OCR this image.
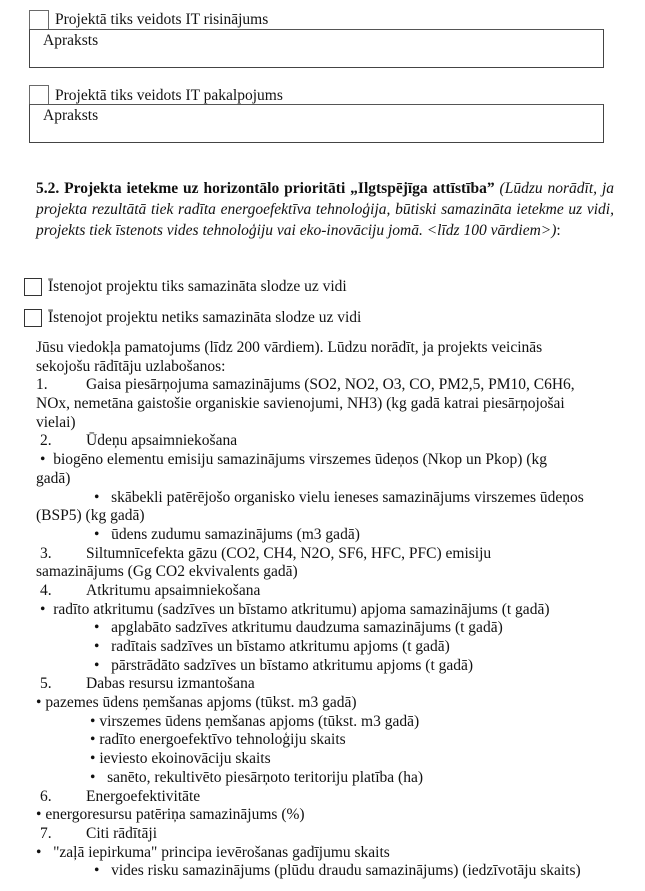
Projektā tiks veidots IT risinājums
Apraksts
Projektā tiks veidots IT pakalpojums
Apraksts
5.2. Projekta ietekme uz horizontālo prioritāti „Ilgtspējīga attīstība” (Lūdzu norādīt, ja projekta rezultātā tiek radīta energoefektīva tehnoloģija, būtiski samazināta ietekme uz vidi, projekts tiek īstenots vides tehnoloģiju vai eko-inovāciju jomā. <līdz 100 vārdiem>):
Īstenojot projektu tiks samazināta slodze uz vidi
Īstenojot projektu netiks samazināta slodze uz vidi
Jūsu viedokļa pamatojums (līdz 200 vārdiem). Lūdzu norādīt, ja projekts veicinās
sekojošu rādītāju uzlabošanos:
1. Gaisa piesārņojuma samazinājums (SO2, NO2, O3, CO, PM2,5, PM10, C6H6,
NOx, nemetāna gaistošie organiskie savienojumi, NH3) (kg gadā katrai piesārņojošai
vielai)
2. Ūdeņu apsaimniekošana
• biogēno elementu emisiju samazinājums virszemes ūdeņos (Nkop un Pkop) (kg
gadā)
• skābekli patērējošo organisko vielu ieneses samazinājums virszemes ūdeņos
(BSP5) (kg gadā)
• ūdens zudumu samazinājums (m3 gadā)
3. Siltumnīcefekta gāzu (CO2, CH4, N2O, SF6, HFC, PFC) emisiju
samazinājums (Gg CO2 ekvivalents gadā)
4. Atkritumu apsaimniekošana
• radīto atkritumu (sadzīves un bīstamo atkritumu) apjoma samazinājums (t gadā)
• apglabāto sadzīves atkritumu daudzuma samazinājums (t gadā)
• radītais sadzīves un bīstamo atkritumu apjoms (t gadā)
• pārstrādāto sadzīves un bīstamo atkritumu apjoms (t gadā)
5. Dabas resursu izmantošana
• pazemes ūdens ņemšanas apjoms (tūkst. m3 gadā)
• virszemes ūdens ņemšanas apjoms (tūkst. m3 gadā)
• radīto energoefektīvo tehnoloģiju skaits
• ieviesto ekoinovāciju skaits
• sanēto, rekultivēto piesārņoto teritoriju platība (ha)
6. Energoefektivitāte
• energoresursu patēriņa samazinājums (%)
7. Citi rādītāji
• "zaļā iepirkuma" principa ievērošanas gadījumu skaits
• vides risku samazinājums (plūdu draudu samazinājums) (iedzīvotāju skaits)
